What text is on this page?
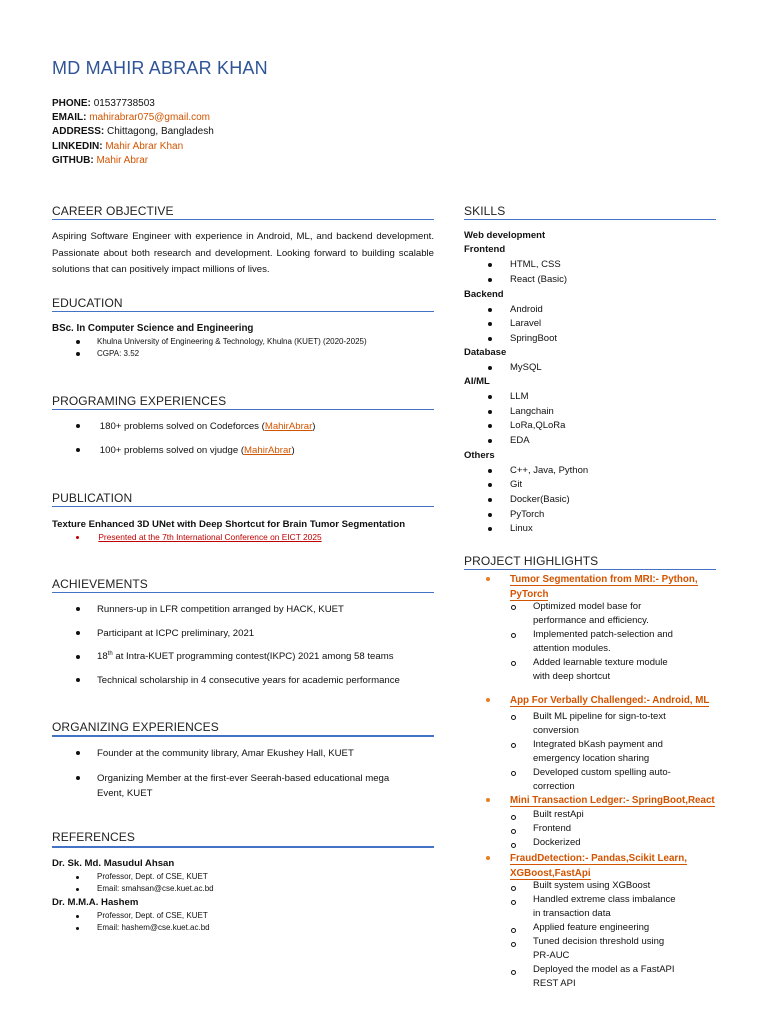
MD MAHIR ABRAR KHAN
PHONE: 01537738503
EMAIL: mahirabrar075@gmail.com
ADDRESS: Chittagong, Bangladesh
LINKEDIN: Mahir Abrar Khan
GITHUB: Mahir Abrar
CAREER OBJECTIVE
Aspiring Software Engineer with experience in Android, ML, and backend development. Passionate about both research and development. Looking forward to building scalable solutions that can positively impact millions of lives.
EDUCATION
BSc. In Computer Science and Engineering
Khulna University of Engineering & Technology, Khulna (KUET) (2020-2025)
CGPA: 3.52
PROGRAMING EXPERIENCES
180+ problems solved on Codeforces (MahirAbrar)
100+ problems solved on vjudge (MahirAbrar)
PUBLICATION
Texture Enhanced 3D UNet with Deep Shortcut for Brain Tumor Segmentation
Presented at the 7th International Conference on EICT 2025
ACHIEVEMENTS
Runners-up in LFR competition arranged by HACK, KUET
Participant at ICPC preliminary, 2021
18th at Intra-KUET programming contest(IKPC) 2021 among 58 teams
Technical scholarship in 4 consecutive years for academic performance
ORGANIZING EXPERIENCES
Founder at the community library, Amar Ekushey Hall, KUET
Organizing Member at the first-ever Seerah-based educational mega Event, KUET
REFERENCES
Dr. Sk. Md. Masudul Ahsan
Professor, Dept. of CSE, KUET
Email: smahsan@cse.kuet.ac.bd
Dr. M.M.A. Hashem
Professor, Dept. of CSE, KUET
Email: hashem@cse.kuet.ac.bd
SKILLS
Web development
Frontend
HTML, CSS
React (Basic)
Backend
Android
Laravel
SpringBoot
Database
MySQL
AI/ML
LLM
Langchain
LoRa,QLoRa
EDA
Others
C++, Java, Python
Git
Docker(Basic)
PyTorch
Linux
PROJECT HIGHLIGHTS
Tumor Segmentation from MRI:- Python,
PyTorch
Optimized model base for
performance and efficiency.
Implemented patch-selection and
attention modules.
Added learnable texture module
with deep shortcut
App For Verbally Challenged:- Android, ML
Built ML pipeline for sign-to-text
conversion
Integrated bKash payment and
emergency location sharing
Developed custom spelling auto-
correction
Mini Transaction Ledger:- SpringBoot,React
Built restApi
Frontend
Dockerized
FraudDetection:- Pandas,Scikit Learn,
XGBoost,FastApi
Built system using XGBoost
Handled extreme class imbalance
in transaction data
Applied feature engineering
Tuned decision threshold using
PR-AUC
Deployed the model as a FastAPI
REST API
